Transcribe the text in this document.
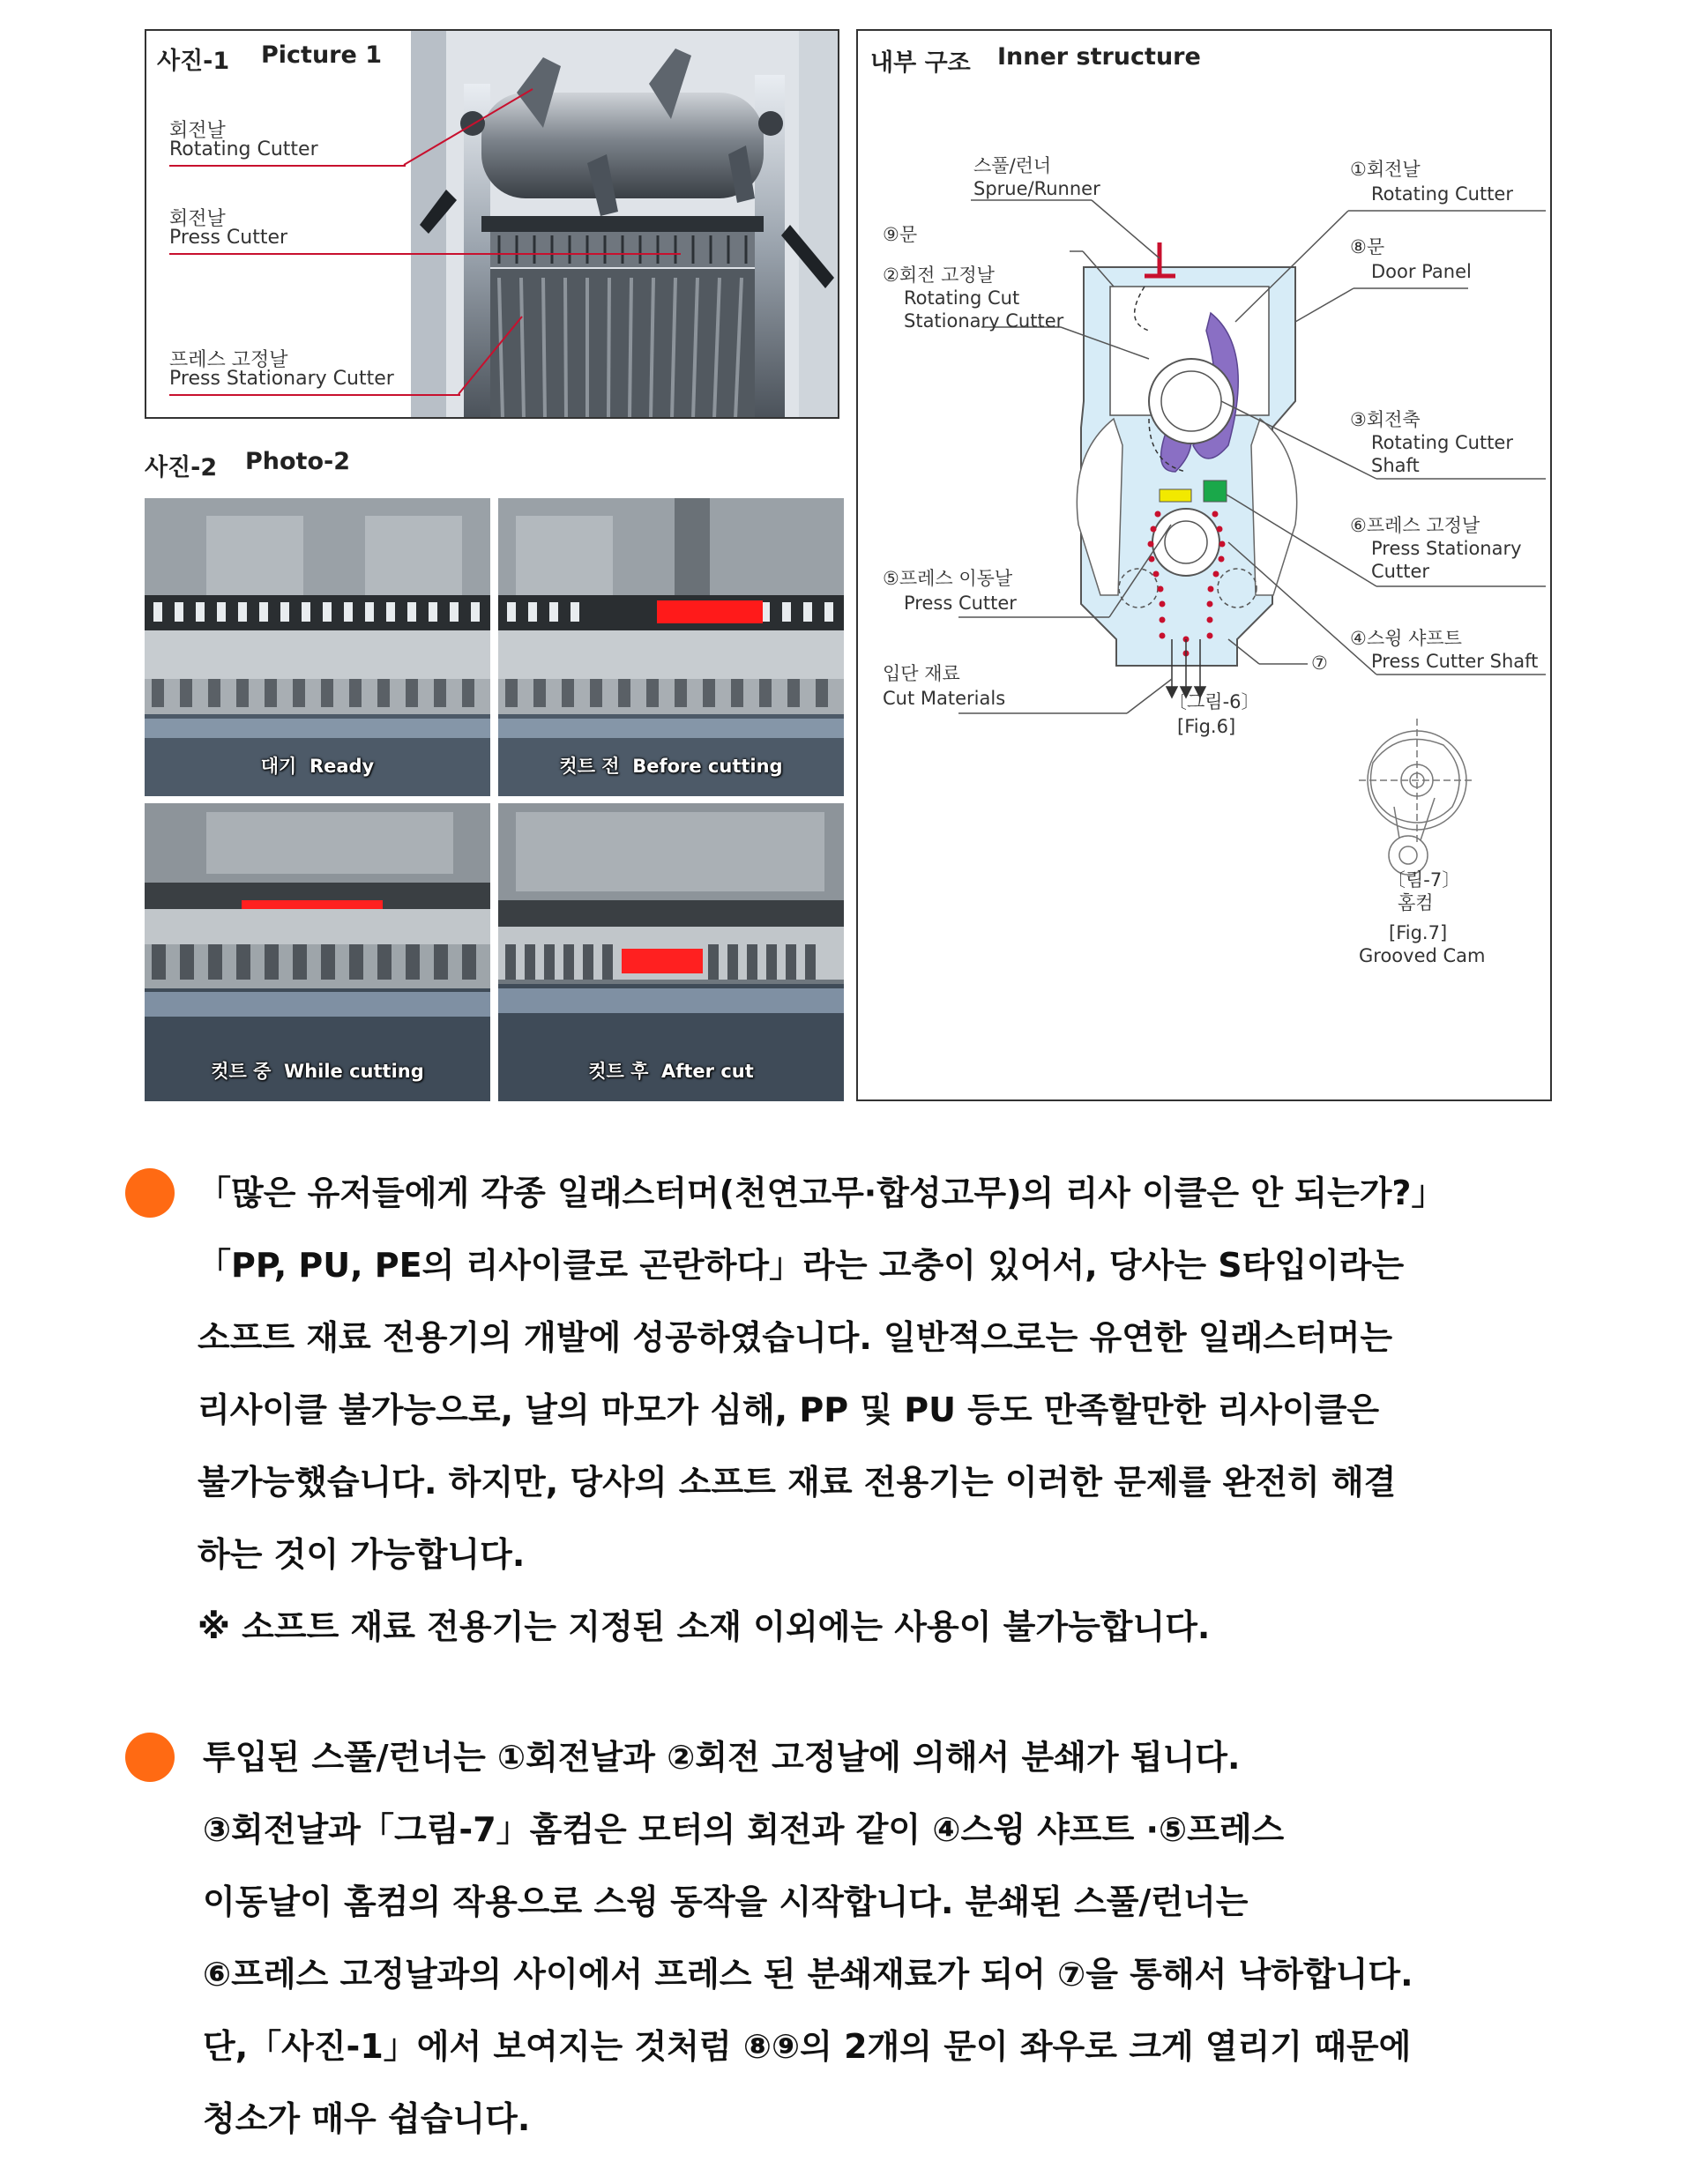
사진-1 Picture 1
회전날
Rotating Cutter
회전날
Press Cutter
프레스 고정날
Press Stationary Cutter
사진-2 Photo-2
대기 Ready	컷트 전 Before cutting
컷트 중 While cutting	컷트 후 After cut
내부 구조 Inner structure
스풀/런너
Sprue/Runner
⑨문
②회전 고정날
Rotating Cut
Stationary Cutter
⑤프레스 이동날
Press Cutter
입단 재료
Cut Materials
①회전날
Rotating Cutter
⑧문
Door Panel
③회전축
Rotating Cutter
Shaft
⑥프레스 고정날
Press Stationary
Cutter
④스윙 샤프트
Press Cutter Shaft
⑦
〔그림-6〕
[Fig.6]
〔림-7〕
홈컴
[Fig.7]
Grooved Cam
「많은 유저들에게 각종 일래스터머(천연고무·합성고무)의 리사 이클은 안 되는가?」
「PP, PU, PE의 리사이클로 곤란하다」라는 고충이 있어서, 당사는 S타입이라는
소프트 재료 전용기의 개발에 성공하였습니다. 일반적으로는 유연한 일래스터머는
리사이클 불가능으로, 날의 마모가 심해, PP 및 PU 등도 만족할만한 리사이클은
불가능했습니다. 하지만, 당사의 소프트 재료 전용기는 이러한 문제를 완전히 해결
하는 것이 가능합니다.
※ 소프트 재료 전용기는 지정된 소재 이외에는 사용이 불가능합니다.
투입된 스풀/런너는 ①회전날과 ②회전 고정날에 의해서 분쇄가 됩니다.
③회전날과「그림-7」홈컴은 모터의 회전과 같이 ④스윙 샤프트 ·⑤프레스
이동날이 홈컴의 작용으로 스윙 동작을 시작합니다. 분쇄된 스풀/런너는
⑥프레스 고정날과의 사이에서 프레스 된 분쇄재료가 되어 ⑦을 통해서 낙하합니다.
단,「사진-1」에서 보여지는 것처럼 ⑧⑨의 2개의 문이 좌우로 크게 열리기 때문에
청소가 매우 쉽습니다.
